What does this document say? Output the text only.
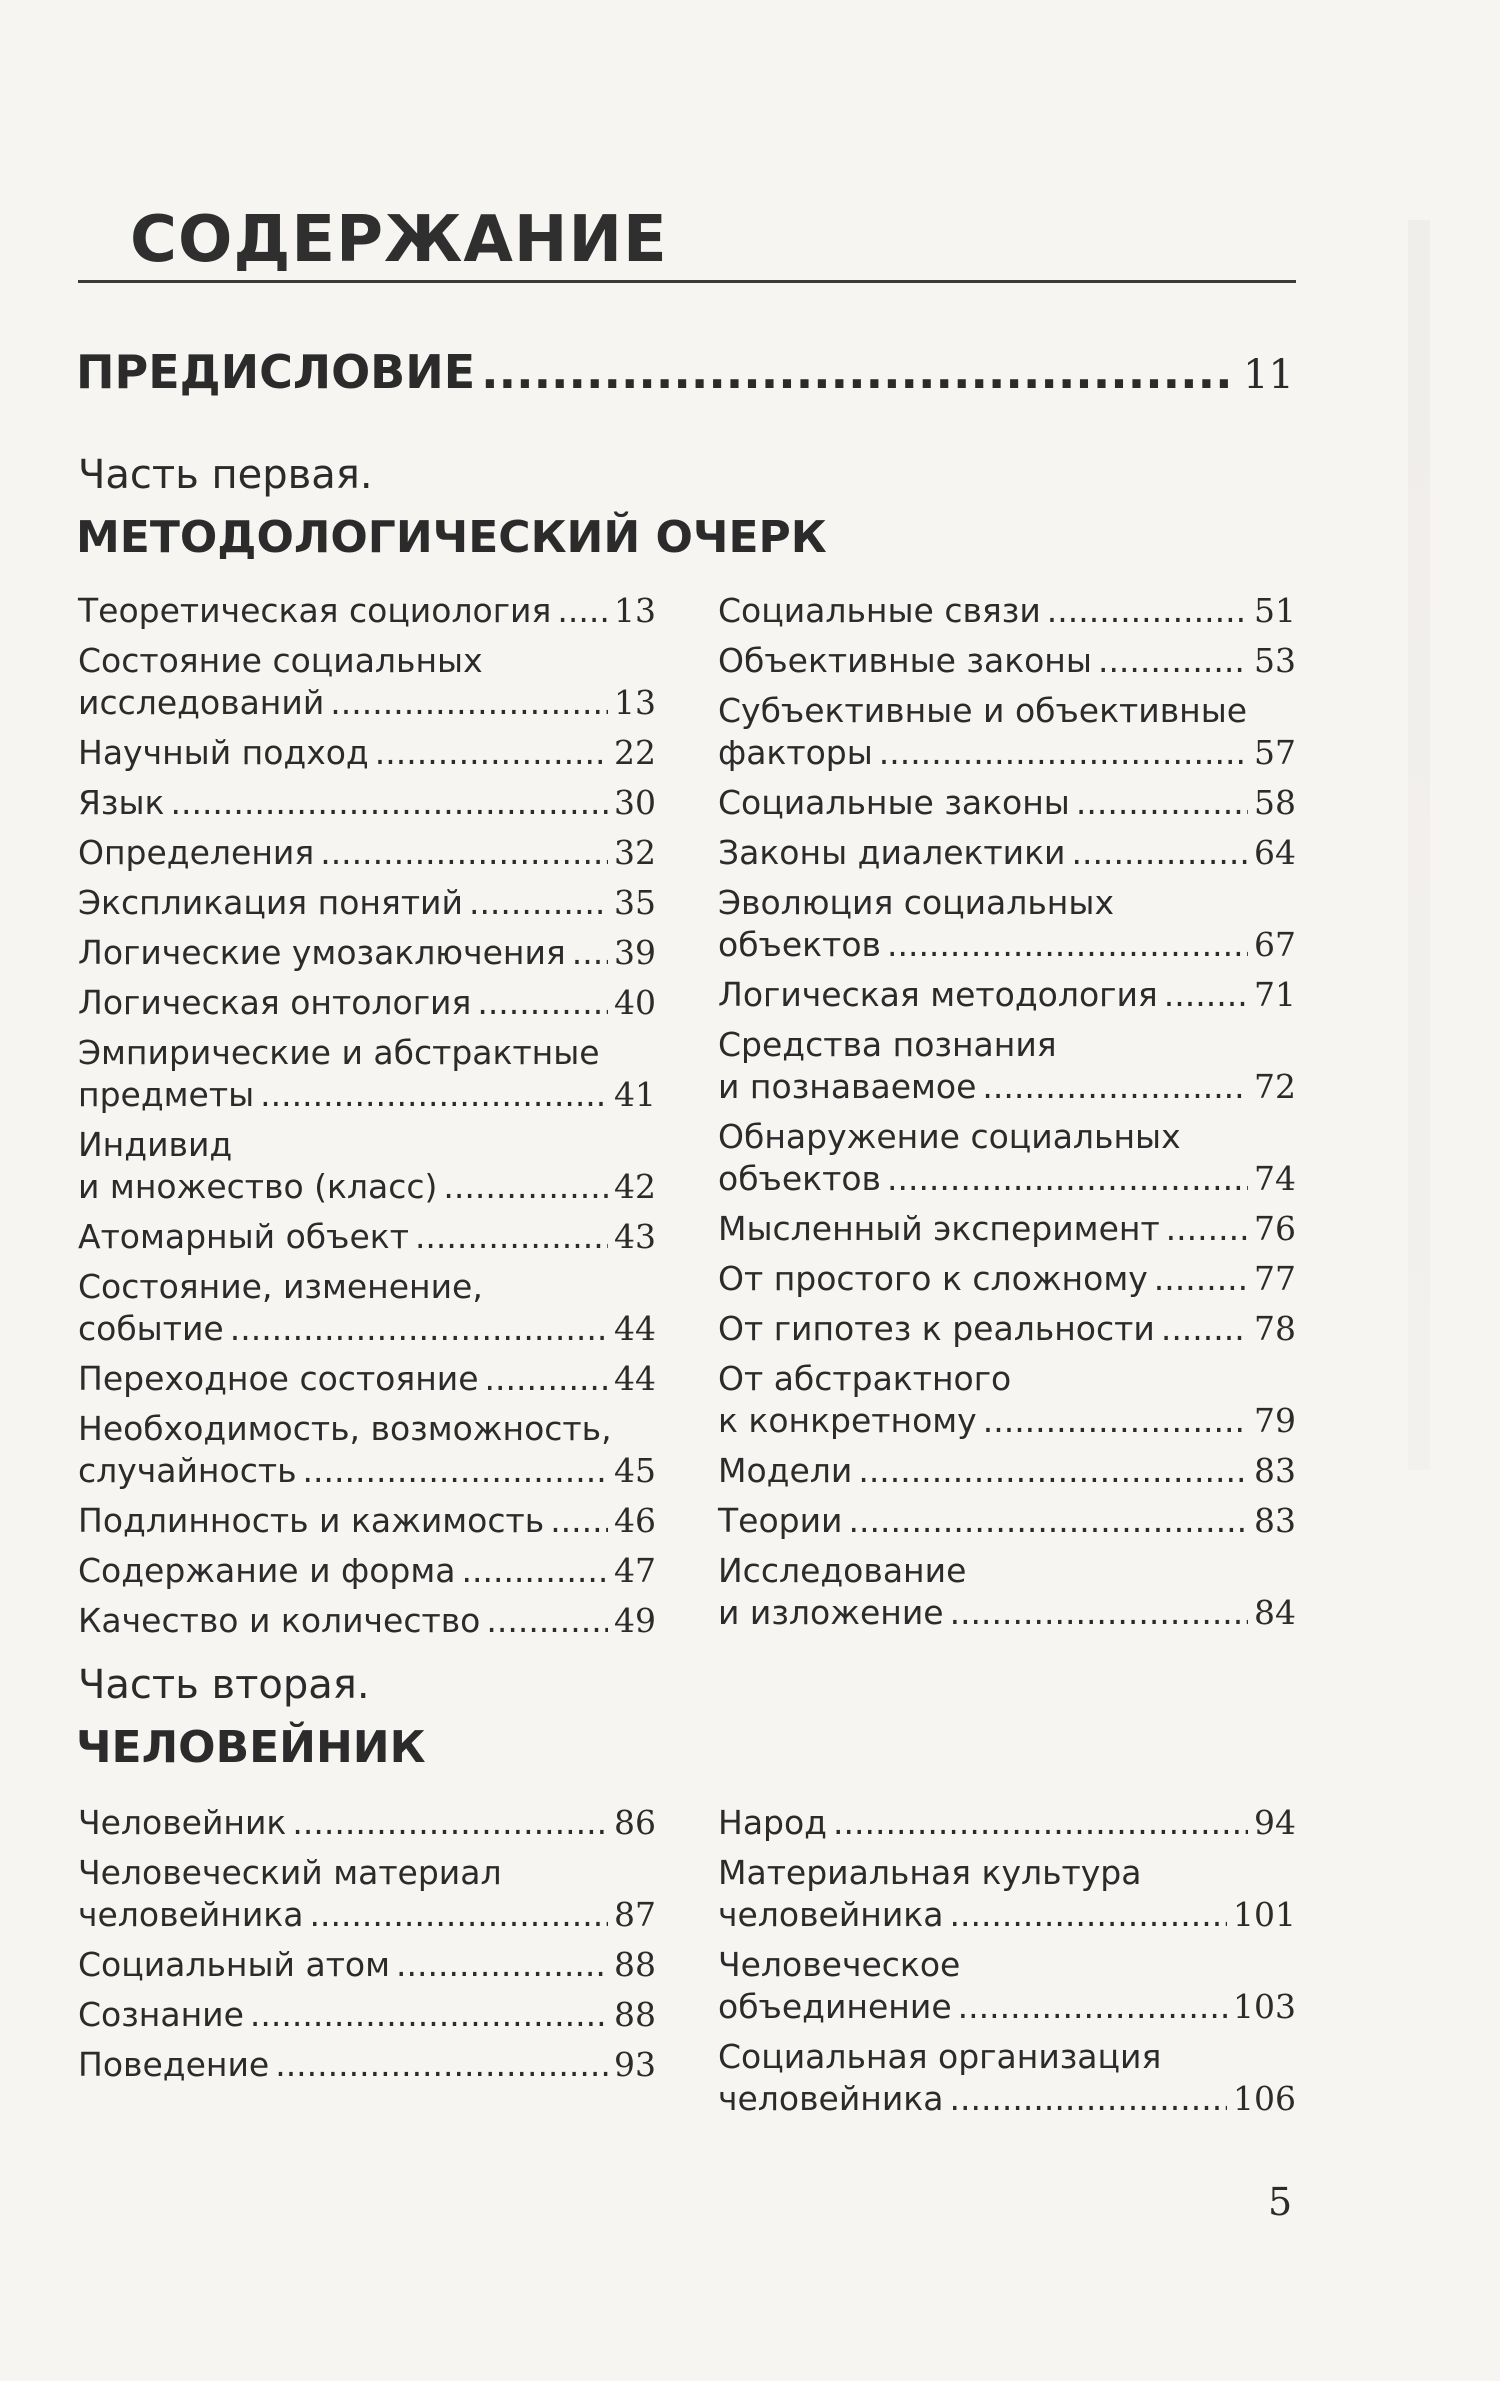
СОДЕРЖАНИЕ
ПРЕДИСЛОВИЕ .....	11

Часть первая.

МЕТОДОЛОГИЧЕСКИЙ ОЧЕРК

Теоретическая социология ..... 13
Состояние социальных
исследований .....	13
Научный подход .....	22
Язык .....	30
Определения .....	32
Экспликация понятий .....	35
Логические умозаключения ..... 39
Логическая онтология .....	40
Эмпирические и абстрактные
предметы .....	41
Индивид
и множество (класс) .....	42
Атомарный объект .....	43
Состояние, изменение,
событие .....	44
Переходное состояние .....	44
Необходимость, возможность,
случайность .....	45
Подлинность и кажимость ..... 46
Содержание и форма .....	47
Качество и количество .....	49
Социальные связи .....	51
Объективные законы .....	53
Субъективные и объективные
факторы .....	57
Социальные законы .....	58
Законы диалектики .....	64
Эволюция социальных
объектов .....	67
Логическая методология .....	71
Средства познания
и познаваемое .....	72
Обнаружение социальных
объектов .....	74
Мысленный эксперимент .....	76
От простого к сложному .....	77
От гипотез к реальности .....	78
От абстрактного
к конкретному .....	79
Модели .....	83
Теории .....	83
Исследование
и изложение .....	84

Часть вторая.

ЧЕЛОВЕЙНИК

Человейник .....	86
Человеческий материал
человейника .....	87
Социальный атом .....	88
Сознание .....	88
Поведение .....	93
Народ .....	94
Материальная культура
человейника .....	101
Человеческое
объединение .....	103
Социальная организация
человейника .....	106
5
